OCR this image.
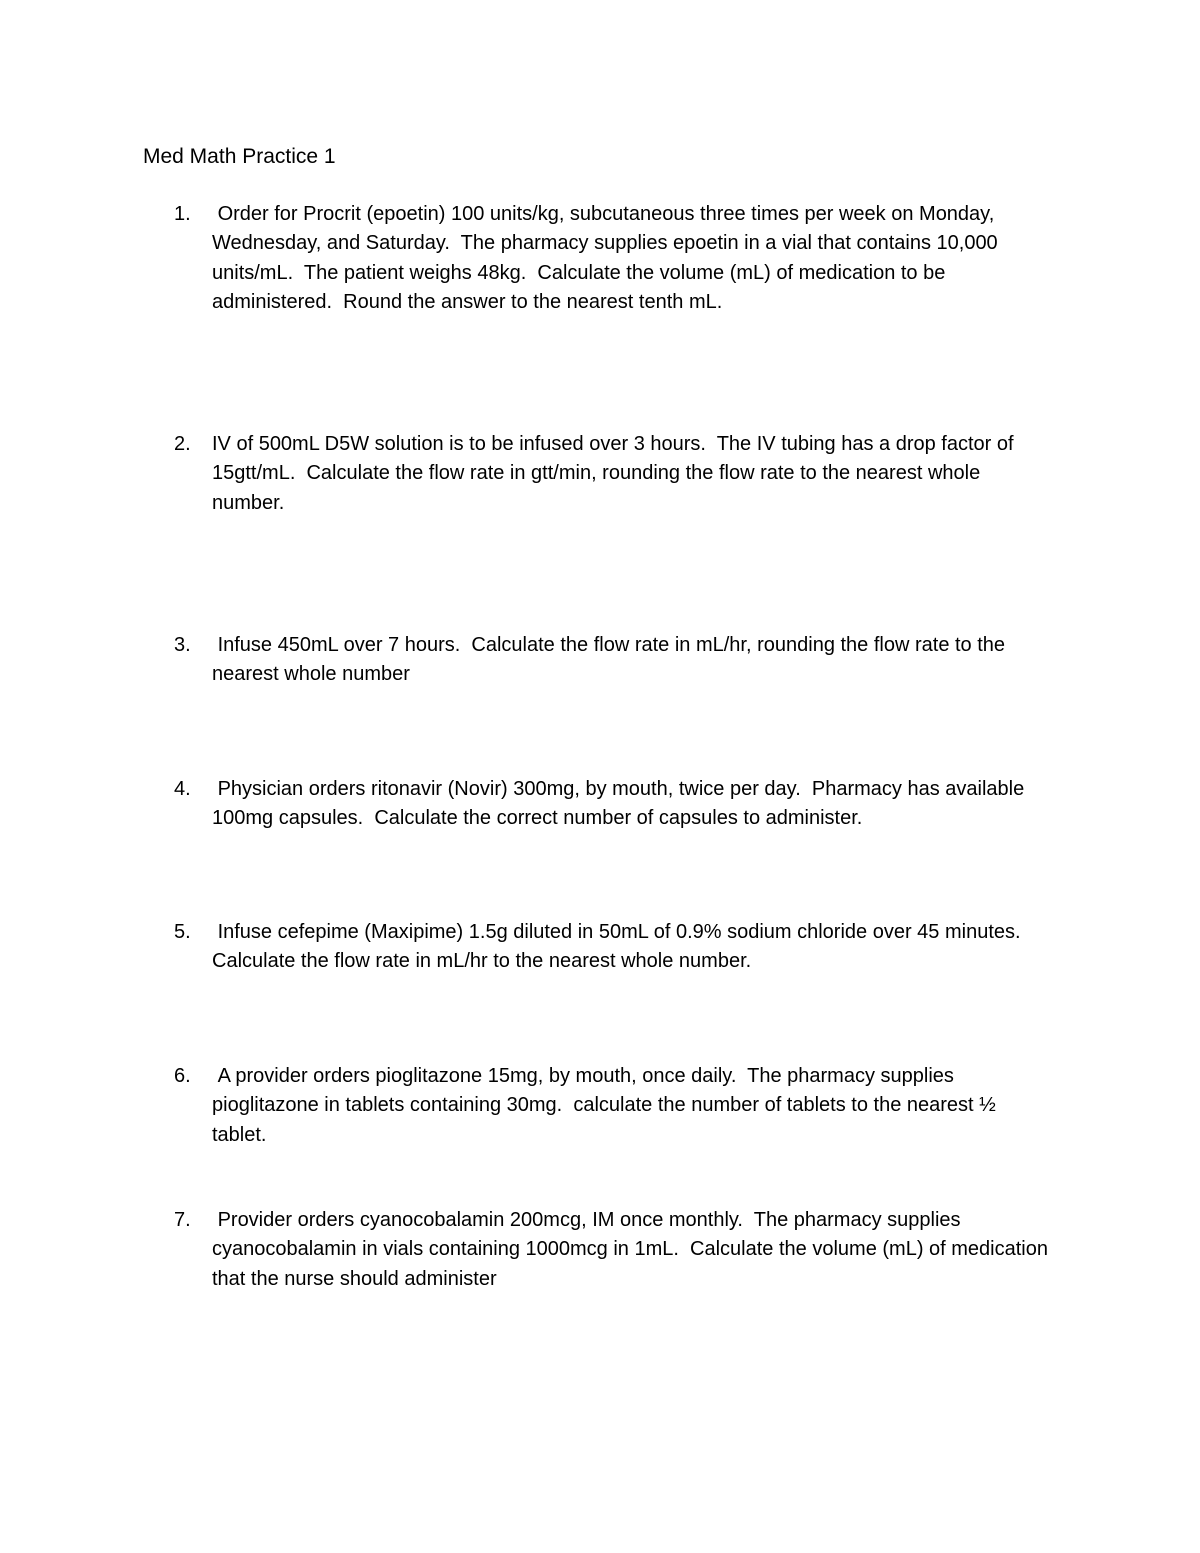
Med Math Practice 1
1.	Order for Procrit (epoetin) 100 units/kg, subcutaneous three times per week on Monday, Wednesday, and Saturday.  The pharmacy supplies epoetin in a vial that contains 10,000 units/mL.  The patient weighs 48kg.  Calculate the volume (mL) of medication to be administered.  Round the answer to the nearest tenth mL.
2.	IV of 500mL D5W solution is to be infused over 3 hours.  The IV tubing has a drop factor of 15gtt/mL.  Calculate the flow rate in gtt/min, rounding the flow rate to the nearest whole number.
3.	Infuse 450mL over 7 hours.  Calculate the flow rate in mL/hr, rounding the flow rate to the nearest whole number
4.	Physician orders ritonavir (Novir) 300mg, by mouth, twice per day.  Pharmacy has available 100mg capsules.  Calculate the correct number of capsules to administer.
5.	Infuse cefepime (Maxipime) 1.5g diluted in 50mL of 0.9% sodium chloride over 45 minutes.  Calculate the flow rate in mL/hr to the nearest whole number.
6.	A provider orders pioglitazone 15mg, by mouth, once daily.  The pharmacy supplies pioglitazone in tablets containing 30mg.  calculate the number of tablets to the nearest ½ tablet.
7.	Provider orders cyanocobalamin 200mcg, IM once monthly.  The pharmacy supplies cyanocobalamin in vials containing 1000mcg in 1mL.  Calculate the volume (mL) of medication that the nurse should administer
